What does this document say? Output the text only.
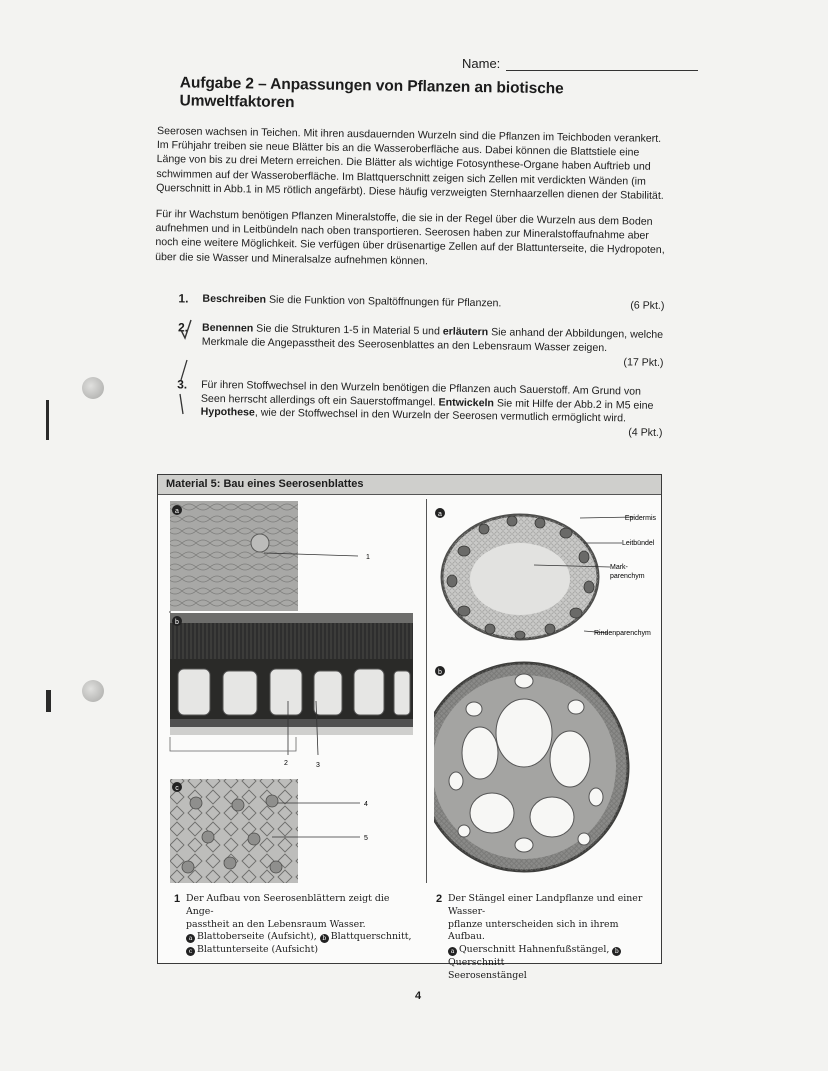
Name:
Aufgabe 2 – Anpassungen von Pflanzen an biotische Umweltfaktoren

Seerosen wachsen in Teichen. Mit ihren ausdauernden Wurzeln sind die Pflanzen im Teichboden verankert. Im Frühjahr treiben sie neue Blätter bis an die Wasseroberfläche aus. Dabei können die Blattstiele eine Länge von bis zu drei Metern erreichen. Die Blätter als wichtige Fotosynthese-Organe haben Auftrieb und schwimmen auf der Wasseroberfläche. Im Blattquerschnitt zeigen sich Zellen mit verdickten Wänden (im Querschnitt in Abb.1 in M5 rötlich angefärbt). Diese häufig verzweigten Sternhaarzellen dienen der Stabilität.

Für ihr Wachstum benötigen Pflanzen Mineralstoffe, die sie in der Regel über die Wurzeln aus dem Boden aufnehmen und in Leitbündeln nach oben transportieren. Seerosen haben zur Mineralstoffaufnahme aber noch eine weitere Möglichkeit. Sie verfügen über drüsenartige Zellen auf der Blattunterseite, die Hydropoten, über die sie Wasser und Mineralsalze aufnehmen können.

1. Beschreiben Sie die Funktion von Spaltöffnungen für Pflanzen.	(6 Pkt.)
2. Benennen Sie die Strukturen 1-5 in Material 5 und erläutern Sie anhand der Abbildungen, welche Merkmale die Angepasstheit des Seerosenblattes an den Lebensraum Wasser zeigen.
(17 Pkt.)
3. Für ihren Stoffwechsel in den Wurzeln benötigen die Pflanzen auch Sauerstoff. Am Grund von Seen herrscht allerdings oft ein Sauerstoffmangel. Entwickeln Sie mit Hilfe der Abb.2 in M5 eine Hypothese, wie der Stoffwechsel in den Wurzeln der Seerosen vermutlich ermöglicht wird.
(4 Pkt.)
Material 5: Bau eines Seerosenblattes
a
1
b
2	3
c
4
5
a
Epidermis
Leitbündel
Mark-
parenchym
Rindenparenchym
b
1 Der Aufbau von Seerosenblättern zeigt die Ange-
passtheit an den Lebensraum Wasser.
a Blattoberseite (Aufsicht), b Blattquerschnitt,
c Blattunterseite (Aufsicht)
2 Der Stängel einer Landpflanze und einer Wasser-
pflanze unterscheiden sich in ihrem Aufbau.
a Querschnitt Hahnenfußstängel, bQuerschnitt
Seerosenstängel
4
